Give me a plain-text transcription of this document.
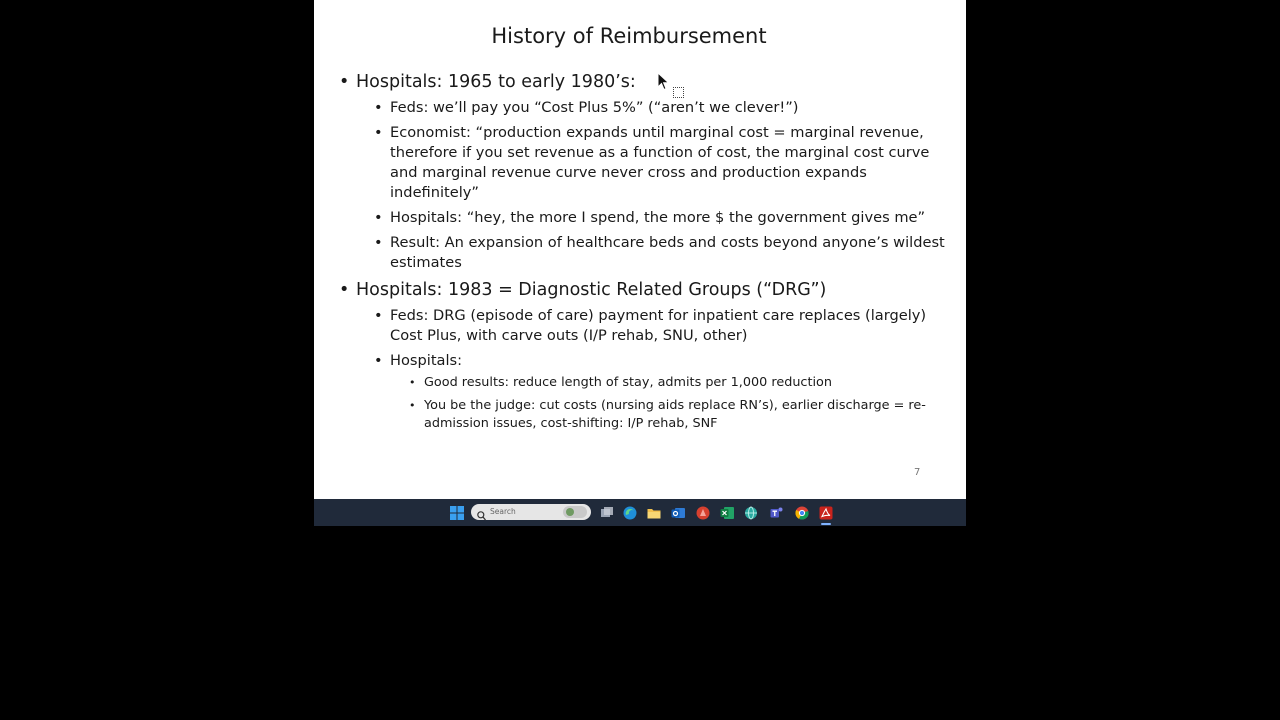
History of Reimbursement
• Hospitals: 1965 to early 1980’s:
• Feds: we’ll pay you “Cost Plus 5%” (“aren’t we clever!”)
• Economist: “production expands until marginal cost = marginal revenue, therefore if you set revenue as a function of cost, the marginal cost curve and marginal revenue curve never cross and production expands indefinitely”
• Hospitals: “hey, the more I spend, the more $ the government gives me”
• Result: An expansion of healthcare beds and costs beyond anyone’s wildest estimates
• Hospitals: 1983 = Diagnostic Related Groups (“DRG”)
• Feds: DRG (episode of care) payment for inpatient care replaces (largely) Cost Plus, with carve outs (I/P rehab, SNU, other)
• Hospitals:
• Good results: reduce length of stay, admits per 1,000 reduction
• You be the judge: cut costs (nursing aids replace RN’s), earlier discharge = re-admission issues, cost-shifting: I/P rehab, SNF
7
Search
